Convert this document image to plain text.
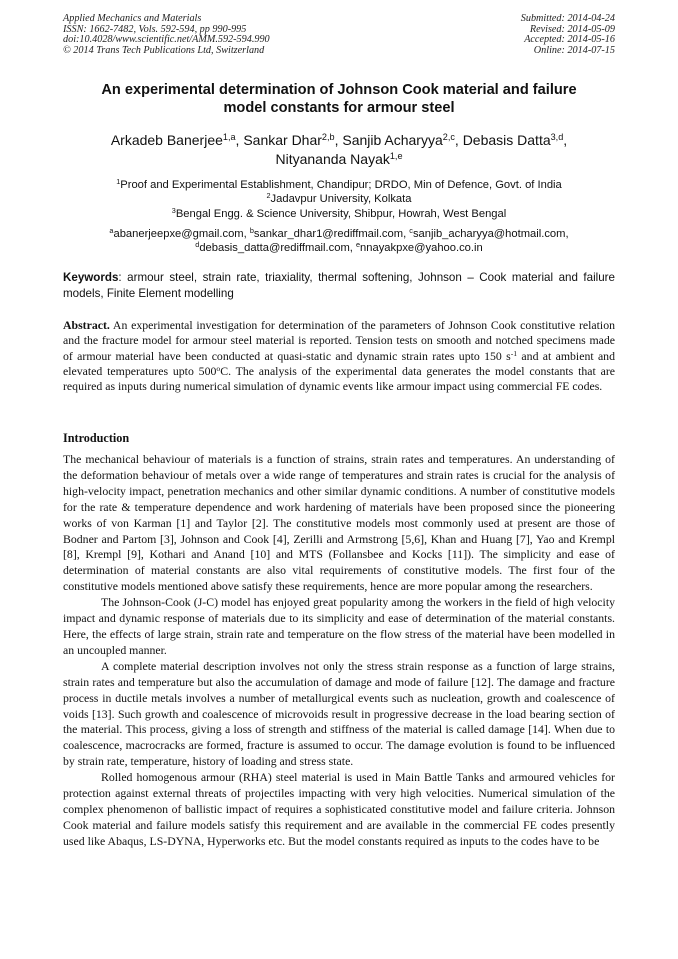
Applied Mechanics and Materials
ISSN: 1662-7482, Vols. 592-594, pp 990-995
doi:10.4028/www.scientific.net/AMM.592-594.990
© 2014 Trans Tech Publications Ltd, Switzerland
Submitted: 2014-04-24
Revised: 2014-05-09
Accepted: 2014-05-16
Online: 2014-07-15
An experimental determination of Johnson Cook material and failure
model constants for armour steel
Arkadeb Banerjee$^{1,a}$, Sankar Dhar$^{2,b}$, Sanjib Acharyya$^{2,c}$, Debasis Datta$^{3,d}$,
Nityananda Nayak$^{1,e}$
$^1$Proof and Experimental Establishment, Chandipur; DRDO, Min of Defence, Govt. of India
$^2$Jadavpur University, Kolkata
$^3$Bengal Engg. & Science University, Shibpur, Howrah, West Bengal
$^a$abanerjeepxe@gmail.com, $^b$sankar_dhar1@rediffmail.com, $^c$sanjib_acharyya@hotmail.com,
$^d$debasis_datta@rediffmail.com, $^e$nnayakpxe@yahoo.co.in
Keywords: armour steel, strain rate, triaxiality, thermal softening, Johnson – Cook material and failure models, Finite Element modelling
Abstract. An experimental investigation for determination of the parameters of Johnson Cook constitutive relation and the fracture model for armour steel material is reported. Tension tests on smooth and notched specimens made of armour material have been conducted at quasi-static and dynamic strain rates upto 150 $s^{-1}$ and at ambient and elevated temperatures upto 500$^o$C. The analysis of the experimental data generates the model constants that are required as inputs during numerical simulation of dynamic events like armour impact using commercial FE codes.
Introduction

The mechanical behaviour of materials is a function of strains, strain rates and temperatures. An understanding of the deformation behaviour of metals over a wide range of temperatures and strain rates is crucial for the analysis of high-velocity impact, penetration mechanics and other similar dynamic conditions. A number of constitutive models for the rate & temperature dependence and work hardening of materials have been proposed since the pioneering works of von Karman [1] and Taylor [2]. The constitutive models most commonly used at present are those of Bodner and Partom [3], Johnson and Cook [4], Zerilli and Armstrong [5,6], Khan and Huang [7], Yao and Krempl [8], Krempl [9], Kothari and Anand [10] and MTS (Follansbee and Kocks [11]). The simplicity and ease of determination of material constants are also vital requirements of constitutive models. The first four of the constitutive models mentioned above satisfy these requirements, hence are more popular among the researchers.

The Johnson-Cook (J-C) model has enjoyed great popularity among the workers in the field of high velocity impact and dynamic response of materials due to its simplicity and ease of determination of the material constants. Here, the effects of large strain, strain rate and temperature on the flow stress of the material have been modelled in an uncoupled manner.

A complete material description involves not only the stress strain response as a function of large strains, strain rates and temperature but also the accumulation of damage and mode of failure [12]. The damage and fracture process in ductile metals involves a number of metallurgical events such as nucleation, growth and coalescence of voids [13]. Such growth and coalescence of microvoids result in progressive decrease in the load bearing section of the material. This process, giving a loss of strength and stiffness of the material is called damage [14]. When due to coalescence, macrocracks are formed, fracture is assumed to occur. The damage evolution is found to be influenced by strain rate, temperature, history of loading and stress state.

Rolled homogenous armour (RHA) steel material is used in Main Battle Tanks and armoured vehicles for protection against external threats of projectiles impacting with very high velocities. Numerical simulation of the complex phenomenon of ballistic impact of requires a sophisticated constitutive model and failure criteria. Johnson Cook material and failure models satisfy this requirement and are available in the commercial FE codes presently used like Abaqus, LS-DYNA, Hyperworks etc. But the model constants required as inputs to the codes have to be
